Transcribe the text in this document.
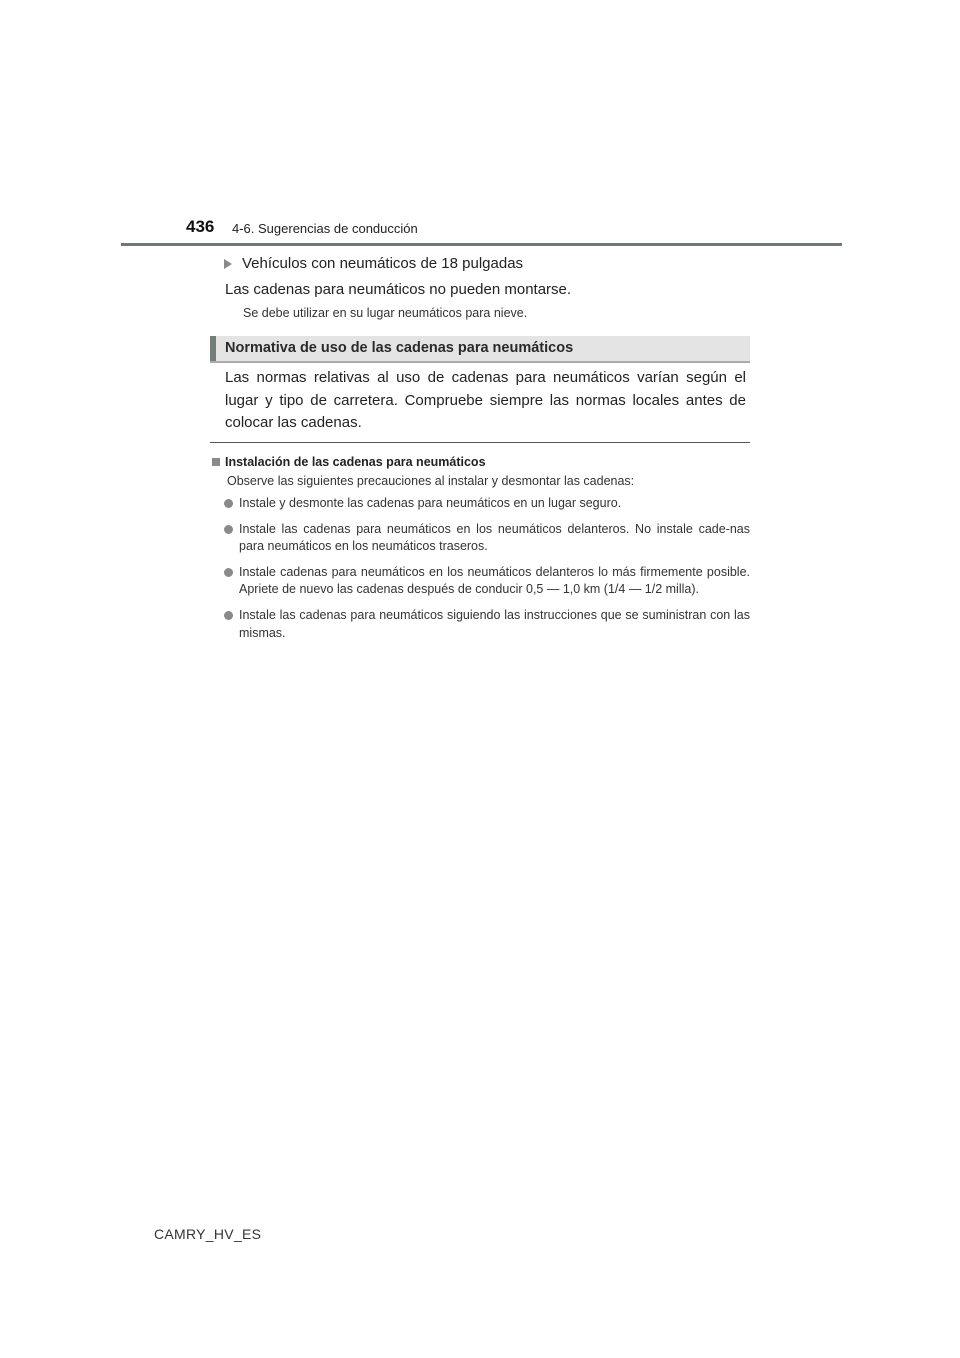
436 4-6. Sugerencias de conducción
Vehículos con neumáticos de 18 pulgadas
Las cadenas para neumáticos no pueden montarse.
Se debe utilizar en su lugar neumáticos para nieve.
Normativa de uso de las cadenas para neumáticos
Las normas relativas al uso de cadenas para neumáticos varían según el lugar y tipo de carretera. Compruebe siempre las normas locales antes de colocar las cadenas.
Instalación de las cadenas para neumáticos
Observe las siguientes precauciones al instalar y desmontar las cadenas:
Instale y desmonte las cadenas para neumáticos en un lugar seguro.
Instale las cadenas para neumáticos en los neumáticos delanteros. No instale cade-nas para neumáticos en los neumáticos traseros.
Instale cadenas para neumáticos en los neumáticos delanteros lo más firmemente posible. Apriete de nuevo las cadenas después de conducir 0,5 — 1,0 km (1/4 — 1/2 milla).
Instale las cadenas para neumáticos siguiendo las instrucciones que se suministran con las mismas.
CAMRY_HV_ES
